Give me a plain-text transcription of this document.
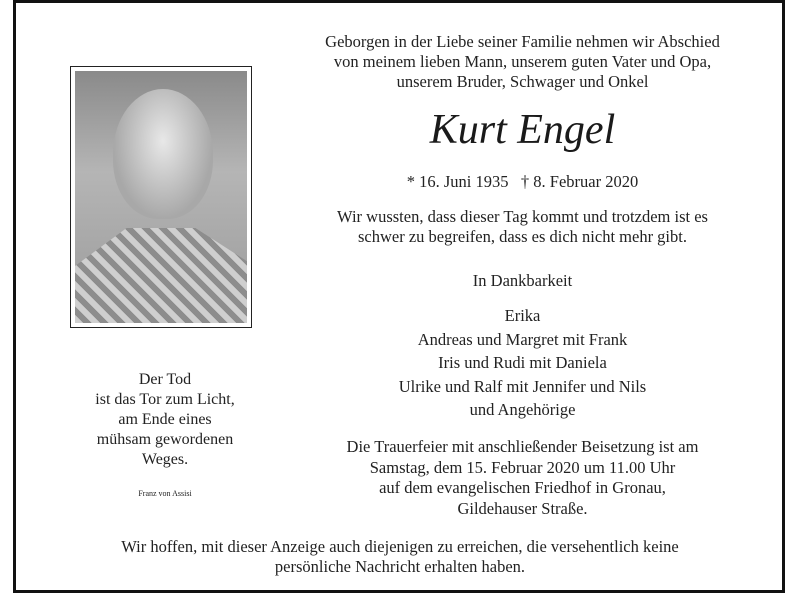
Geborgen in der Liebe seiner Familie nehmen wir Abschied
von meinem lieben Mann, unserem guten Vater und Opa,
unserem Bruder, Schwager und Onkel
Kurt Engel
* 16. Juni 1935   † 8. Februar 2020
Wir wussten, dass dieser Tag kommt und trotzdem ist es
schwer zu begreifen, dass es dich nicht mehr gibt.
In Dankbarkeit
Erika
Andreas und Margret mit Frank
Iris und Rudi mit Daniela
Ulrike und Ralf mit Jennifer und Nils
und Angehörige
Die Trauerfeier mit anschließender Beisetzung ist am
Samstag, dem 15. Februar 2020 um 11.00 Uhr
auf dem evangelischen Friedhof in Gronau,
Gildehauser Straße.
Der Tod
ist das Tor zum Licht,
am Ende eines
mühsam gewordenen
Weges.
Franz von Assisi
Wir hoffen, mit dieser Anzeige auch diejenigen zu erreichen, die versehentlich keine
persönliche Nachricht erhalten haben.
